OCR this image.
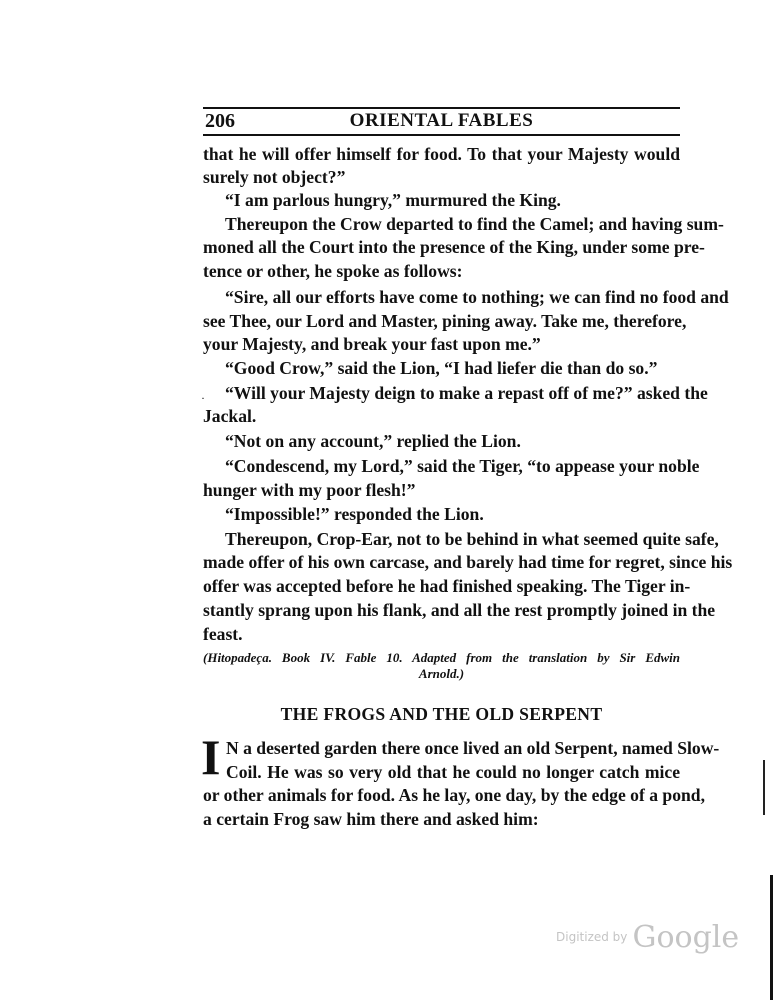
206	ORIENTAL FABLES
that he will offer himself for food. To that your Majesty would
surely not object?”
“I am parlous hungry,” murmured the King.
Thereupon the Crow departed to find the Camel; and having sum-
moned all the Court into the presence of the King, under some pre-
tence or other, he spoke as follows:
“Sire, all our efforts have come to nothing; we can find no food and
see Thee, our Lord and Master, pining away. Take me, therefore,
your Majesty, and break your fast upon me.”
“Good Crow,” said the Lion, “I had liefer die than do so.”
·	“Will your Majesty deign to make a repast off of me?” asked the
Jackal.
“Not on any account,” replied the Lion.
“Condescend, my Lord,” said the Tiger, “to appease your noble
hunger with my poor flesh!”
“Impossible!” responded the Lion.
Thereupon, Crop-Ear, not to be behind in what seemed quite safe,
made offer of his own carcase, and barely had time for regret, since his
offer was accepted before he had finished speaking. The Tiger in-
stantly sprang upon his flank, and all the rest promptly joined in the
feast.
(Hitopadeça. Book IV. Fable 10. Adapted from the translation by Sir Edwin
Arnold.)
THE FROGS AND THE OLD SERPENT
I N a deserted garden there once lived an old Serpent, named Slow-
Coil. He was so very old that he could no longer catch mice
or other animals for food. As he lay, one day, by the edge of a pond,
a certain Frog saw him there and asked him:
$^{Digitized by}$ Google
